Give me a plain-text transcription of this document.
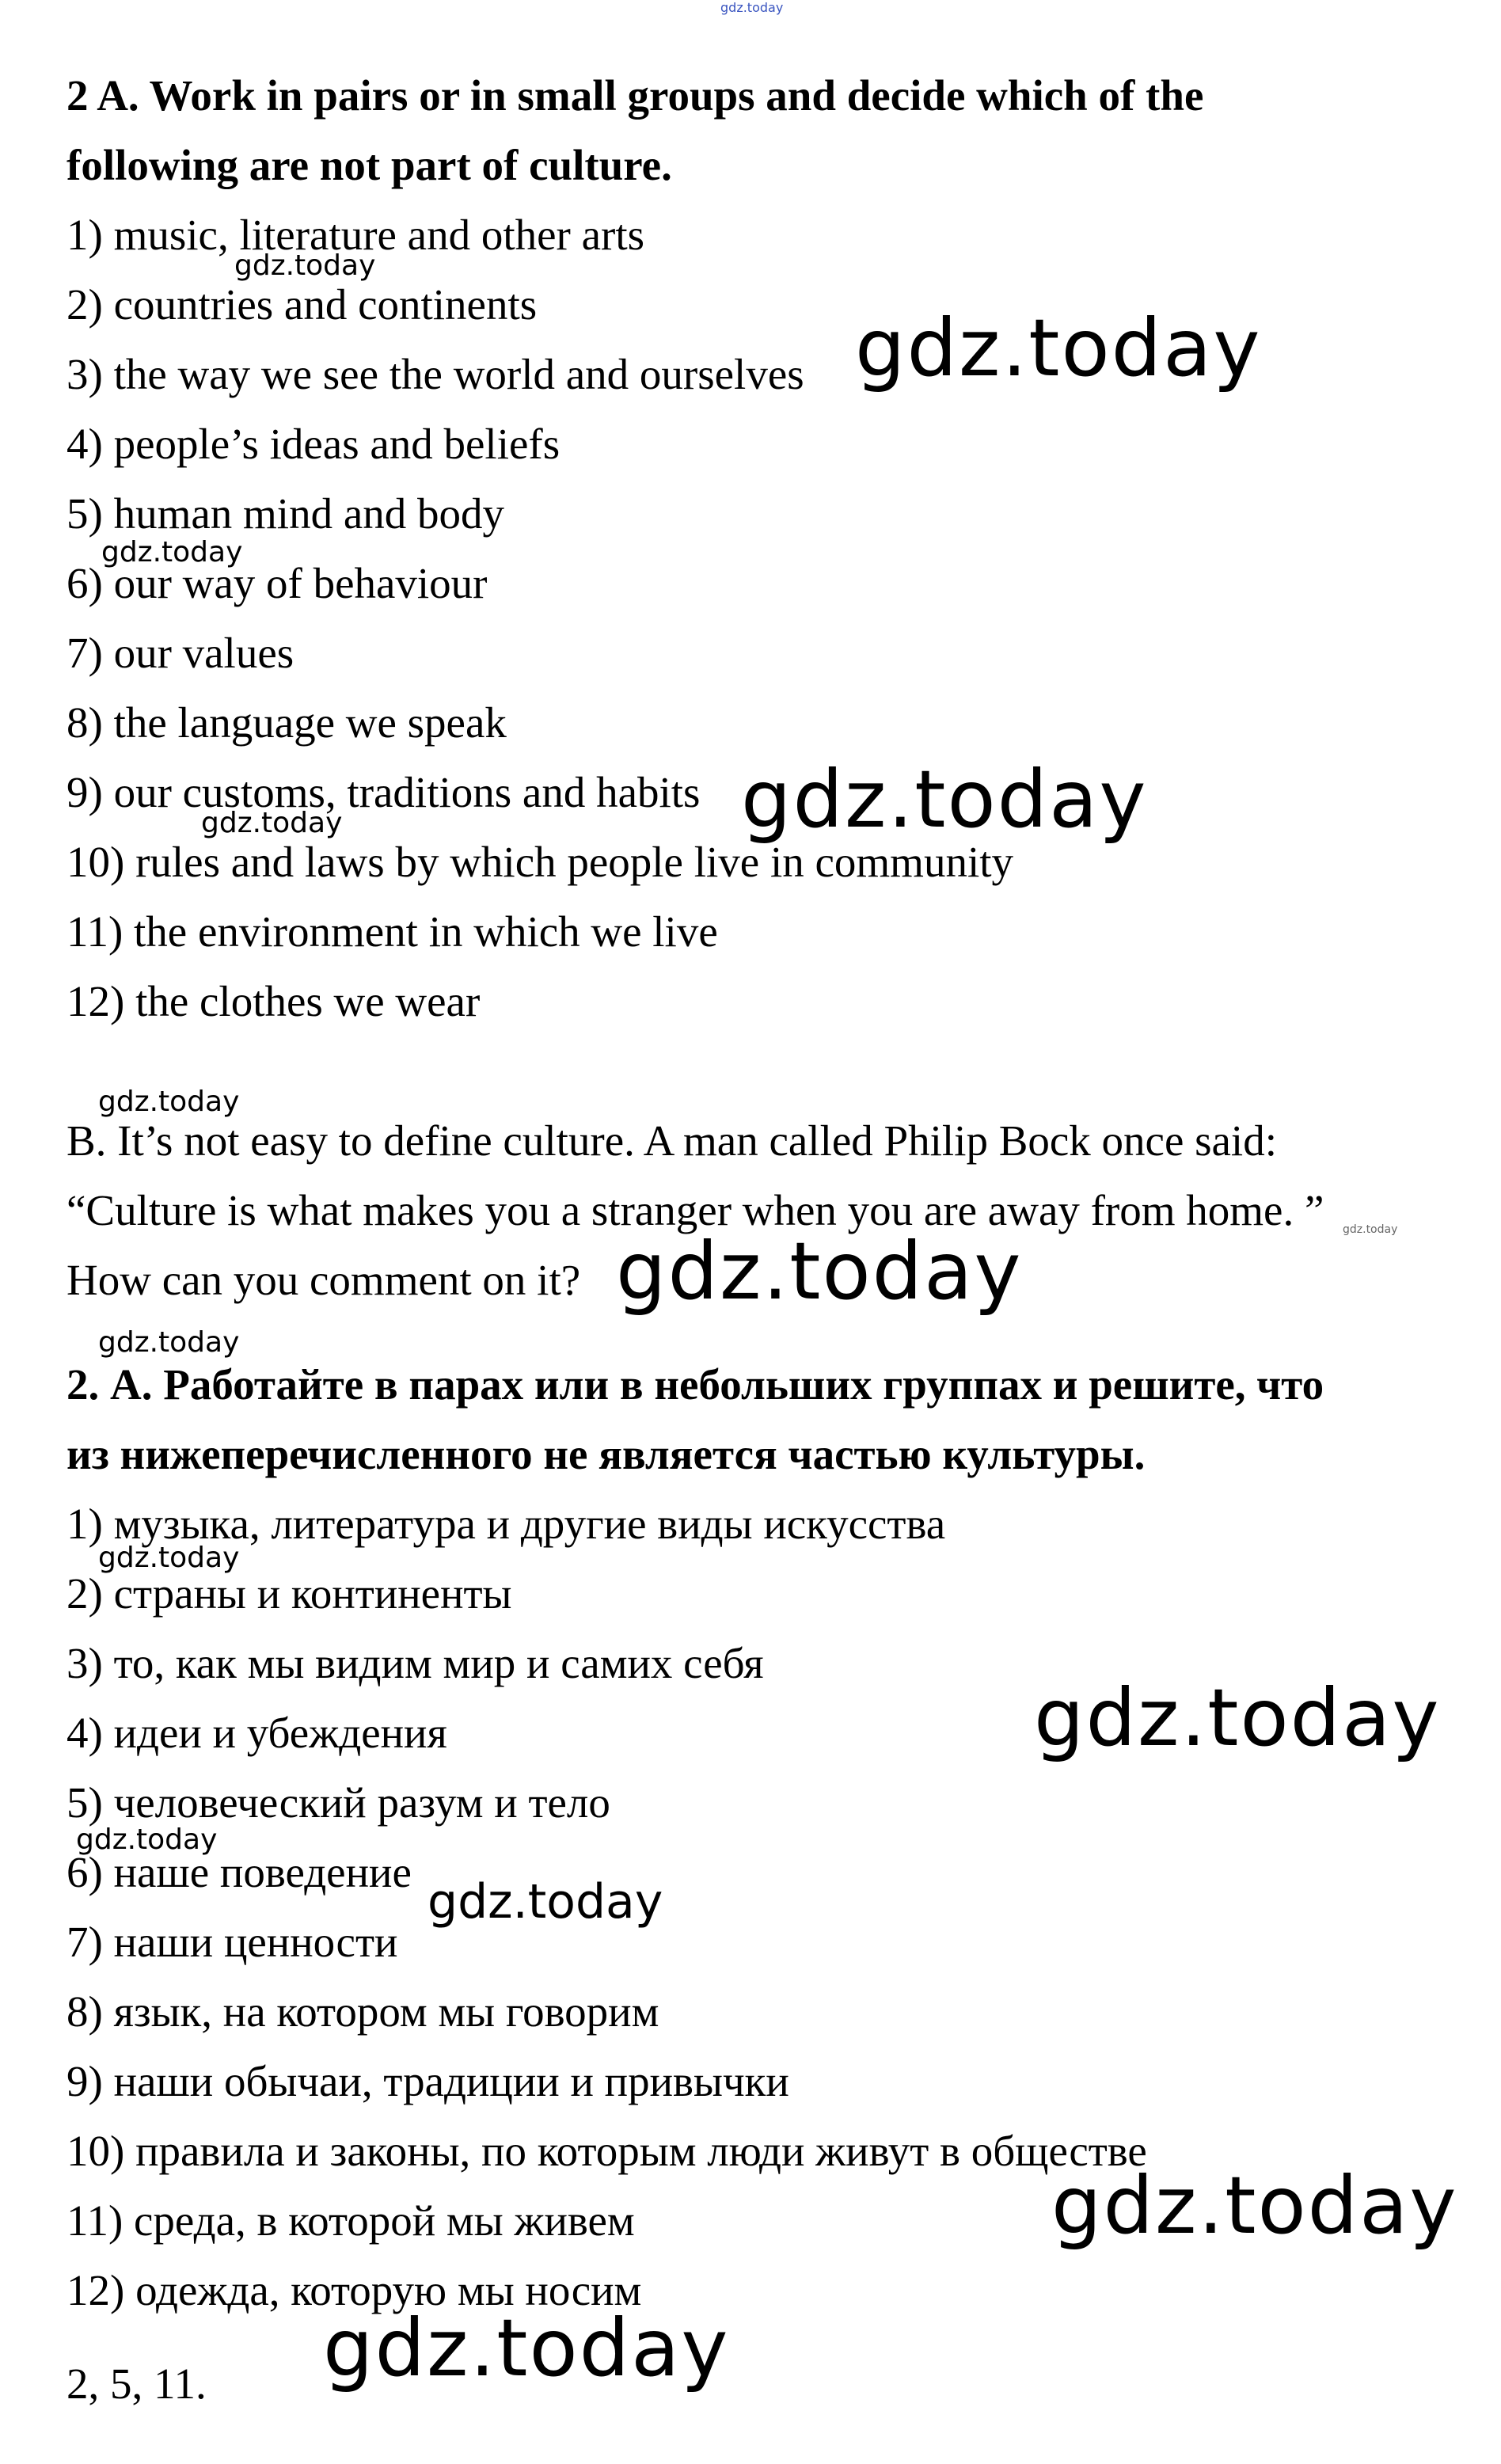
2 A. Work in pairs or in small groups and decide which of the
following are not part of culture.
1) music, literature and other arts
2) countries and continents
3) the way we see the world and ourselves
4) people’s ideas and beliefs
5) human mind and body
6) our way of behaviour
7) our values
8) the language we speak
9) our customs, traditions and habits
10) rules and laws by which people live in community
11) the environment in which we live
12) the clothes we wear
B. It’s not easy to define culture. A man called Philip Bock once said:
“Culture is what makes you a stranger when you are away from home. ”
How can you comment on it?
2. А. Работайте в парах или в небольших группах и решите, что
из нижеперечисленного не является частью культуры.
1) музыка, литература и другие виды искусства
2) страны и континенты
3) то, как мы видим мир и самих себя
4) идеи и убеждения
5) человеческий разум и тело
6) наше поведение
7) наши ценности
8) язык, на котором мы говорим
9) наши обычаи, традиции и привычки
10) правила и законы, по которым люди живут в обществе
11) среда, в которой мы живем
12) одежда, которую мы носим
2, 5, 11.
gdz.today
gdz.today
gdz.today
gdz.today
gdz.today
gdz.today
gdz.today
gdz.today
gdz.today
gdz.today
gdz.today
gdz.today
gdz.today
gdz.today
gdz.today
gdz.today
